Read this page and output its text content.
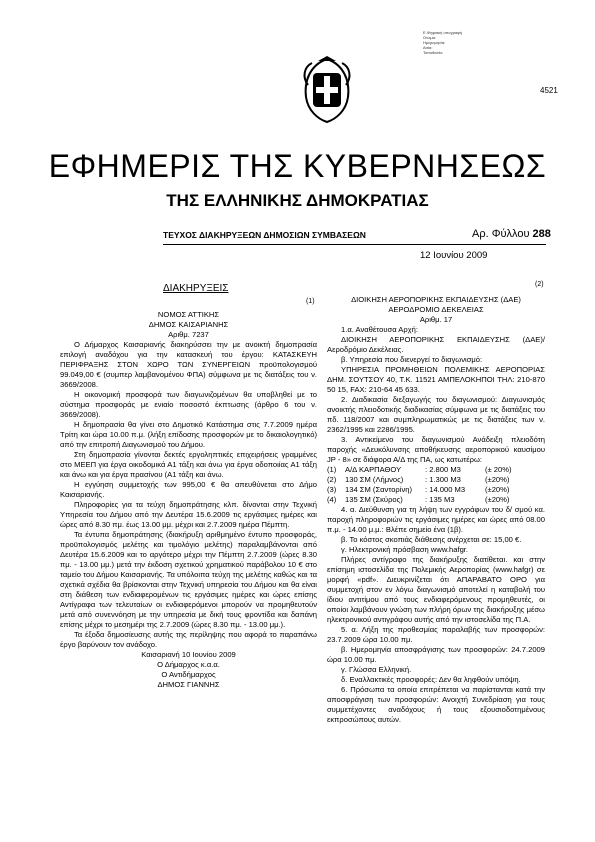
Ε.Ψηφιακή υπογραφή
Ονομα:
Ημερομηνία:
Αιτία:
Τοποθεσία:
4521
ΕΦΗΜΕΡΙΣ ΤΗΣ ΚΥΒΕΡΝΗΣΕΩΣ
ΤΗΣ ΕΛΛΗΝΙΚΗΣ ΔΗΜΟΚΡΑΤΙΑΣ
ΤΕΥΧΟΣ ΔΙΑΚΗΡΥΞΕΩΝ ΔΗΜΟΣΙΩΝ ΣΥΜΒΑΣΕΩΝ	Αρ. Φύλλου 288
12 Ιουνίου 2009
ΔΙΑΚΗΡΥΞΕΙΣ
(1)
(2)

ΝΟΜΟΣ ΑΤΤΙΚΗΣ

ΔΗΜΟΣ ΚΑΙΣΑΡΙΑΝΗΣ

Αριθμ. 7237

Ο Δήμαρχος Καισαριανής διακηρύσσει την με ανοικτή δημοπρασία επιλογή αναδόχου για την κατασκευή του έργου: ΚΑΤΑΣΚΕΥΗ ΠΕΡΙΦΡΑΞΗΣ ΣΤΟΝ ΧΩΡΟ ΤΩΝ ΣΥΝΕΡΓΕΙΩΝ προϋπολογισμού 99.049,00 € (συμπερ λαμβανομένου ΦΠΑ) σύμφωνα με τις διατάξεις του ν. 3669/2008.

Η οικονομική προσφορά των διαγωνιζομένων θα υποβληθεί με το σύστημα προσφοράς με ενιαίο ποσοστό έκπτωσης (άρθρο 6 του ν. 3669/2008).

Η δημοπρασία θα γίνει στο Δημοτικό Κατάστημα στις 7.7.2009 ημέρα Τρίτη και ώρα 10.00 π.μ. (λήξη επίδοσης προσφορών με το δικαιολογητικό) από την επιτροπή Διαγωνισμού του Δήμου.

Στη δημοπρασία γίνονται δεκτές εργοληπτικές επιχειρήσεις γραμμένες στο ΜΕΕΠ για έργα οικοδομικά Α1 τάξη και άνω για έργα οδοποιίας Α1 τάξη και άνω και για έργα πρασίνου (Α1 τάξη και άνω.

Η εγγύηση συμμετοχής των 995,00 € θα απευθύνεται στο Δήμο Καισαριανής.

Πληροφορίες για τα τεύχη δημοπράτησης κλπ. δίνονται στην Τεχνική Υπηρεσία του Δήμου από την Δευτέρα 15.6.2009 τις εργάσιμες ημέρες και ώρες από 8.30 πμ. έως 13.00 μμ. μέχρι και 2.7.2009 ημέρα Πέμπτη.

Τα έντυπα δημοπράτησης (διακήρυξη αριθμημένο έντυπο προσφοράς, προϋπολογισμός μελέτης και τιμολόγιο μελέτης) παραλαμβάνονται από Δευτέρα 15.6.2009 και το αργότερο μέχρι την Πέμπτη 2.7.2009 (ώρες 8.30 πμ. - 13.00 μμ.) μετά την έκδοση σχετικού χρηματικού παράβολου 10 € στο ταμείο του Δήμου Καισαριανής. Τα υπόλοιπα τεύχη της μελέτης καθώς και τα σχετικά σχέδια θα βρίσκονται στην Τεχνική υπηρεσία του Δήμου και θα είναι στη διάθεση των ενδιαφερομένων τις εργάσιμες ημέρες και ώρες επίσης Αντίγραφα των τελευταίων οι ενδιαφερόμενοι μπορούν να προμηθευτούν μετά από συνεννόηση με την υπηρεσία με δική τους φροντίδα και δαπάνη επίσης μέχρι το μεσημέρι της 2.7.2009 (ώρες 8.30 πμ. - 13.00 μμ.).

Τα έξοδα δημοσίευσης αυτής της περίληψης που αφορά το παραπάνω έργο βαρύνουν τον ανάδοχο.

Καισαριανή 10 Ιουνίου 2009

Ο Δήμαρχος κ.α.α.

Ο Αντιδήμαρχος

ΔΗΜΟΣ ΓΙΑΝΝΗΣ

ΔΙΟΙΚΗΣΗ ΑΕΡΟΠΟΡΙΚΗΣ ΕΚΠΑΙΔΕΥΣΗΣ (ΔΑΕ)

ΑΕΡΟΔΡΟΜΙΟ ΔΕΚΕΛΕΙΑΣ

Αριθμ. 17

1.α. Αναθέτουσα Αρχή:

ΔΙΟΙΚΗΣΗ ΑΕΡΟΠΟΡΙΚΗΣ ΕΚΠΑΙΔΕΥΣΗΣ (ΔΑΕ)/Αεροδρόμιο Δεκέλειας.

β. Υπηρεσία που διενεργεί το διαγωνισμό:

ΥΠΗΡΕΣΙΑ ΠΡΟΜΗΘΕΙΩΝ ΠΟΛΕΜΙΚΗΣ ΑΕΡΟΠΟΡΙΑΣ ΔΗΜ. ΣΟΥΤΣΟΥ 40, Τ.Κ. 11521 ΑΜΠΕΛΟΚΗΠΟΙ ΤΗΛ: 210-870 50 15, FAX: 210-64 45 633.

2. Διαδικασία διεξαγωγής του διαγωνισμού: Διαγωνισμός ανοικτής πλειοδοτικής διαδικασίας σύμφωνα με τις διατάξεις του πδ. 118/2007 και συμπληρωματικώς με τις διατάξεις των ν. 2362/1995 και 2286/1995.

3. Αντικείμενο του διαγωνισμού Ανάδειξη πλειοδότη παροχής «Δευκόλυνσης αποθήκευσης αεροπορικού καυσίμου JP - 8» σε διάφορα Α/Δ της ΠΑ, ως κατωτέρω:

(1)	Α/Δ ΚΑΡΠΑΘΟΥ	: 2.800 Μ3	(± 20%)
(2)	130 ΣΜ (Λήμνος)	: 1.300 Μ3	(±20%)
(3)	134 ΣΜ (Σαντορίνη)	: 14.000 Μ3	(±20%)
(4)	135 ΣΜ (Σκύρος)	: 135 Μ3	(±20%)

4. α. Διεύθυνση για τη λήψη των εγγράφων του δ/ σμού κα. παροχή πληροφοριών τις εργάσιμες ημέρες και ώρες από 08.00 π.μ. - 14.00 μ.μ.: Βλέπε σημείο ένα (1β).

β. Το κόστος σκοπιάς διάθεσης ανέρχεται σε: 15,00 €.

γ. Ηλεκτρονική πρόσβαση www.hafgr.

Πλήρες αντίγραφο της διακήρυξης διατίθεται. και στην επίσημη ιστοσελίδα της Πολεμικής Αεροπορίας (www.hafgr) σε μορφή «pdf». Διευκρινίζεται ότι ΑΠΑΡΑΒΑΤΟ ΟΡΟ για συμμετοχή στον εν λόγω διαγωνισμό αποτελεί η καταβολή του ίδιου αντιτίμου από τους ενδιαφερόμενους προμηθευτές, οι οποίοι λαμβάνουν γνώση των πλήρη όρων της διακήρυξης μέσω ηλεκτρονικού αντιγράφου αυτής από την ιστοσελίδα της Π.Α.

5. α. Λήξη της προθεσμίας παραλαβής των προσφορών: 23.7.2009 ώρα 10.00 πμ.

β. Ημερομηνία αποσφράγισης των προσφορών: 24.7.2009 ώρα 10.00 πμ.

γ. Γλώσσα Ελληνική.

δ. Εναλλακτικές προσφορές: Δεν θα ληφθούν υπόψη.

6. Πρόσωπα τα οποία επιτρέπεται να παρίστανται κατά την αποσφράγιση των προσφορών: Ανοιχτή Συνεδρίαση για τους συμμετέχοντες αναδόχους ή τους εξουσιοδοτημένους εκπροσώπους αυτών.
